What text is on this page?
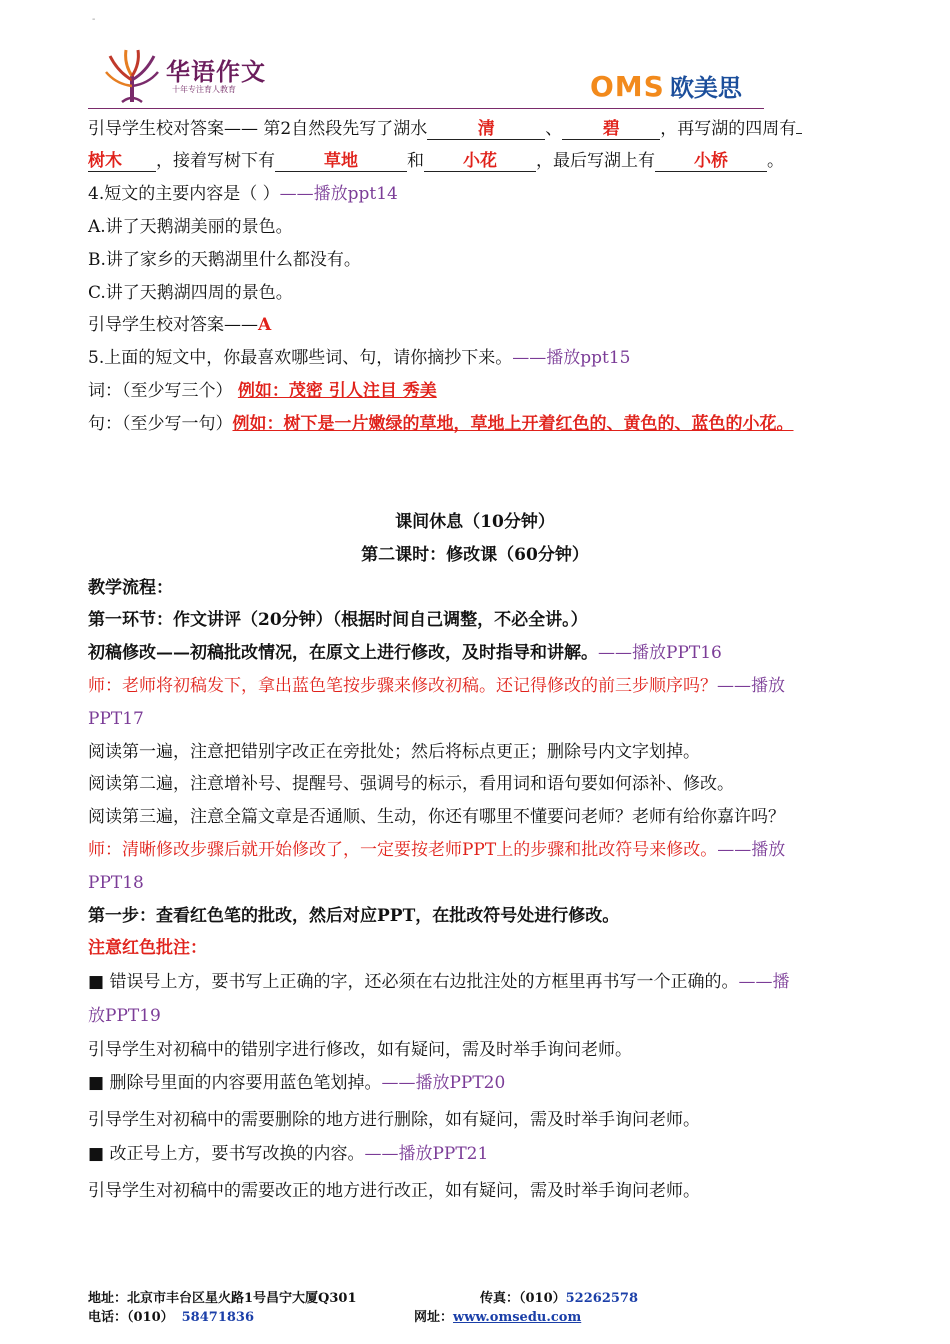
-
华语作文
十年专注育人教育	OMS 欧美思
引导学生校对答案—— 第2自然段先写了湖水	清	、 碧 ，再写湖的四周有
树木 ，接着写树下有	草地	和 小花 ，最后写湖上有 小桥 。
4.短文的主要内容是（ ）——播放ppt14
A.讲了天鹅湖美丽的景色。
B.讲了家乡的天鹅湖里什么都没有。
C.讲了天鹅湖四周的景色。
引导学生校对答案——A
5.上面的短文中，你最喜欢哪些词、句，请你摘抄下来。——播放ppt15
词：（至少写三个） 例如：茂密 引人注目 秀美
句：（至少写一句）例如：树下是一片嫩绿的草地，草地上开着红色的、黄色的、蓝色的小花。
课间休息（10分钟）
第二课时：修改课（60分钟）
教学流程：
第一环节：作文讲评（20分钟）（根据时间自己调整，不必全讲。）
初稿修改——初稿批改情况，在原文上进行修改，及时指导和讲解。——播放PPT16
师：老师将初稿发下，拿出蓝色笔按步骤来修改初稿。还记得修改的前三步顺序吗？——播放
PPT17
阅读第一遍，注意把错别字改正在旁批处；然后将标点更正；删除号内文字划掉。
阅读第二遍，注意增补号、提醒号、强调号的标示，看用词和语句要如何添补、修改。
阅读第三遍，注意全篇文章是否通顺、生动，你还有哪里不懂要问老师？老师有给你嘉许吗？
师：清晰修改步骤后就开始修改了，一定要按老师PPT上的步骤和批改符号来修改。——播放
PPT18
第一步：查看红色笔的批改，然后对应PPT，在批改符号处进行修改。
注意红色批注：
■ 错误号上方，要书写上正确的字，还必须在右边批注处的方框里再书写一个正确的。——播
放PPT19
引导学生对初稿中的错别字进行修改，如有疑问，需及时举手询问老师。
■ 删除号里面的内容要用蓝色笔划掉。——播放PPT20
引导学生对初稿中的需要删除的地方进行删除，如有疑问，需及时举手询问老师。
■ 改正号上方，要书写改换的内容。——播放PPT21
引导学生对初稿中的需要改正的地方进行改正，如有疑问，需及时举手询问老师。
地址：北京市丰台区星火路1号昌宁大厦Q301	传真：（010）52262578
电话：（010） 58471836	网址：www.omsedu.com
